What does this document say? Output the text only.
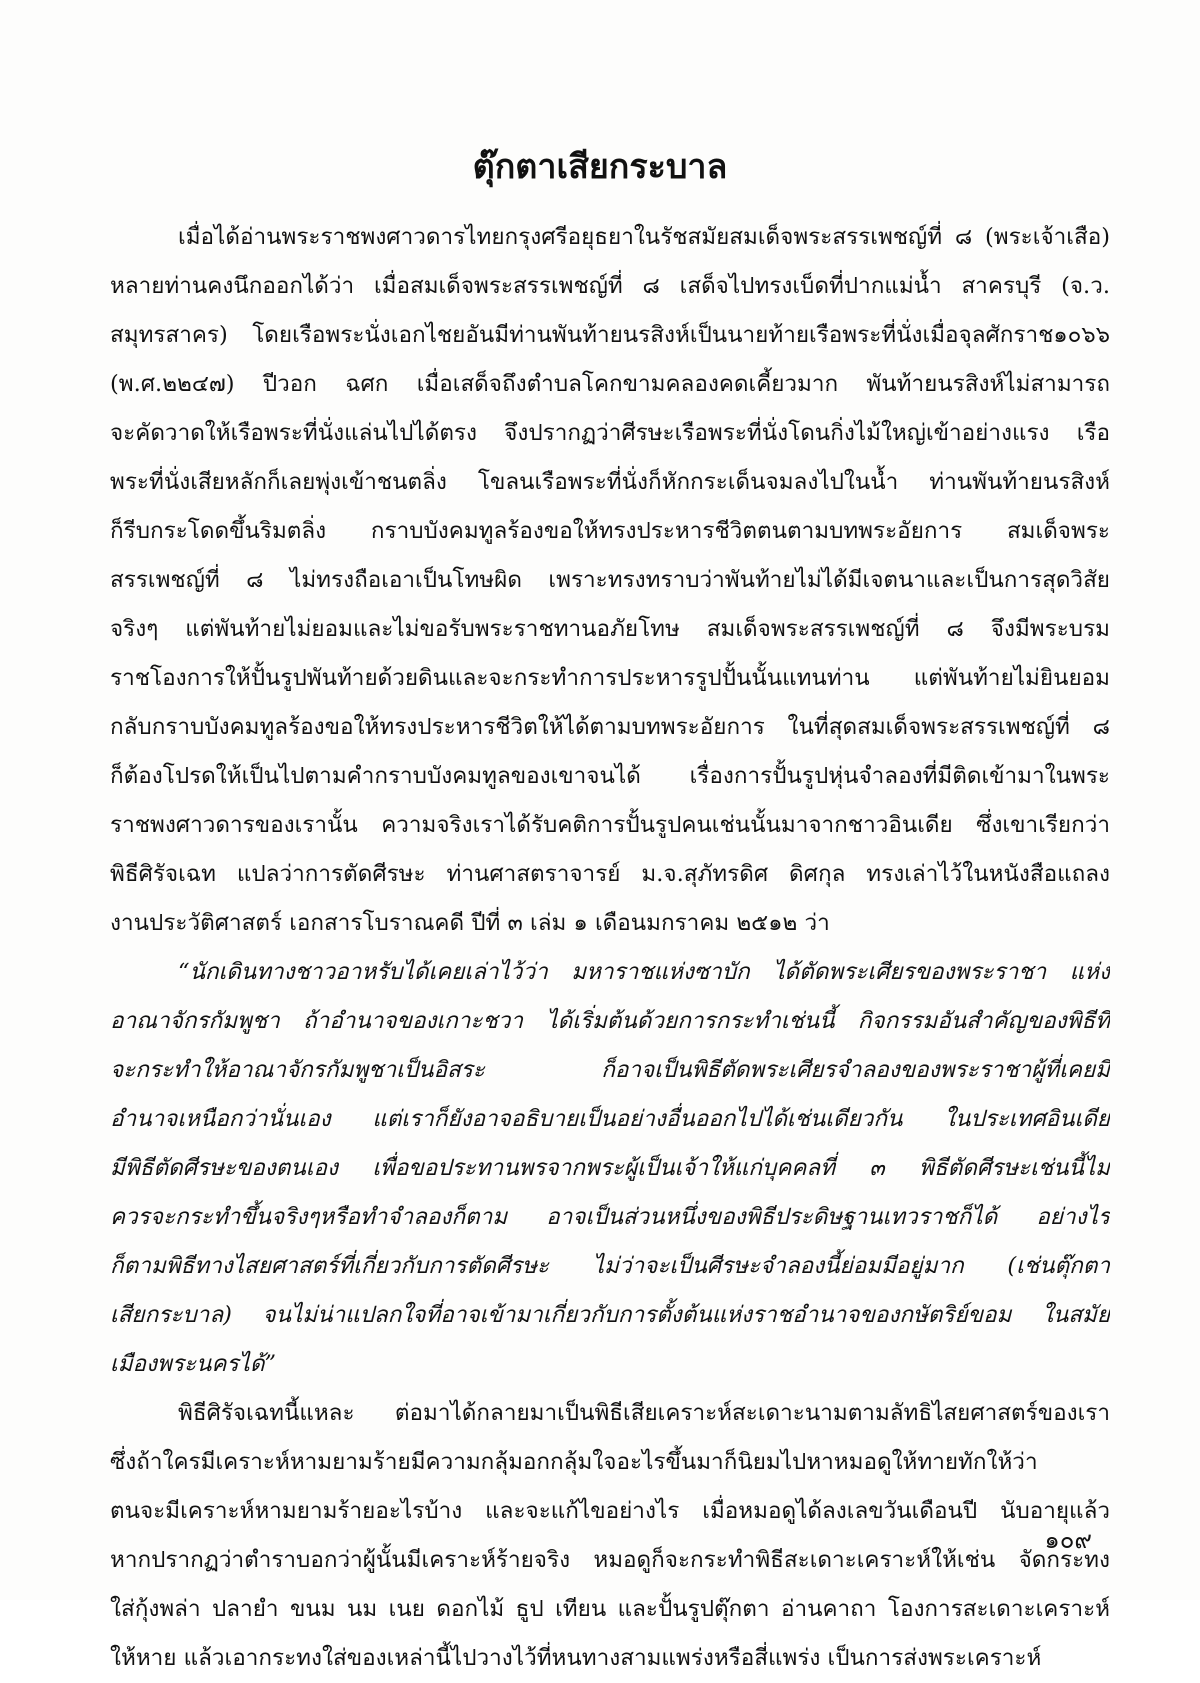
ตุ๊กตาเสียกระบาล
เมื่อได้อ่านพระราชพงศาวดารไทยกรุงศรีอยุธยาในรัชสมัยสมเด็จพระสรรเพชญ์ที่ ๘ (พระเจ้าเสือ)
หลายท่านคงนึกออกได้ว่า เมื่อสมเด็จพระสรรเพชญ์ที่ ๘ เสด็จไปทรงเบ็ดที่ปากแม่น้ำ สาครบุรี (จ.ว.
สมุทรสาคร) โดยเรือพระนั่งเอกไชยอันมีท่านพันท้ายนรสิงห์เป็นนายท้ายเรือพระที่นั่งเมื่อจุลศักราช๑๐๖๖
(พ.ศ.๒๒๔๗) ปีวอก ฉศก เมื่อเสด็จถึงตำบลโคกขามคลองคดเคี้ยวมาก พันท้ายนรสิงห์ไม่สามารถ
จะคัดวาดให้เรือพระที่นั่งแล่นไปได้ตรง จึงปรากฏว่าศีรษะเรือพระที่นั่งโดนกิ่งไม้ใหญ่เข้าอย่างแรง เรือ
พระที่นั่งเสียหลักก็เลยพุ่งเข้าชนตลิ่ง โขลนเรือพระที่นั่งก็หักกระเด็นจมลงไปในน้ำ ท่านพันท้ายนรสิงห์
ก็รีบกระโดดขึ้นริมตลิ่ง กราบบังคมทูลร้องขอให้ทรงประหารชีวิตตนตามบทพระอัยการ สมเด็จพระ
สรรเพชญ์ที่ ๘ ไม่ทรงถือเอาเป็นโทษผิด เพราะทรงทราบว่าพันท้ายไม่ได้มีเจตนาและเป็นการสุดวิสัย
จริงๆ แต่พันท้ายไม่ยอมและไม่ขอรับพระราชทานอภัยโทษ สมเด็จพระสรรเพชญ์ที่ ๘ จึงมีพระบรม
ราชโองการให้ปั้นรูปพันท้ายด้วยดินและจะกระทำการประหารรูปปั้นนั้นแทนท่าน แต่พันท้ายไม่ยินยอม
กลับกราบบังคมทูลร้องขอให้ทรงประหารชีวิตให้ได้ตามบทพระอัยการ ในที่สุดสมเด็จพระสรรเพชญ์ที่ ๘
ก็ต้องโปรดให้เป็นไปตามคำกราบบังคมทูลของเขาจนได้ เรื่องการปั้นรูปหุ่นจำลองที่มีติดเข้ามาในพระ
ราชพงศาวดารของเรานั้น ความจริงเราได้รับคติการปั้นรูปคนเช่นนั้นมาจากชาวอินเดีย ซึ่งเขาเรียกว่า
พิธีศิรัจเฉท แปลว่าการตัดศีรษะ ท่านศาสตราจารย์ ม.จ.สุภัทรดิศ ดิศกุล ทรงเล่าไว้ในหนังสือแถลง
งานประวัติศาสตร์ เอกสารโบราณคดี ปีที่ ๓ เล่ม ๑ เดือนมกราคม ๒๕๑๒ ว่า
“นักเดินทางชาวอาหรับได้เคยเล่าไว้ว่า มหาราชแห่งซาบัก ได้ตัดพระเศียรของพระราชา แห่ง
อาณาจักรกัมพูชา ถ้าอำนาจของเกาะชวา ได้เริ่มต้นด้วยการกระทำเช่นนี้ กิจกรรมอันสำคัญของพิธีที่
จะกระทำให้อาณาจักรกัมพูชาเป็นอิสระ ก็อาจเป็นพิธีตัดพระเศียรจำลองของพระราชาผู้ที่เคยมี
อำนาจเหนือกว่านั่นเอง แต่เราก็ยังอาจอธิบายเป็นอย่างอื่นออกไปได้เช่นเดียวกัน ในประเทศอินเดีย
มีพิธีตัดศีรษะของตนเอง เพื่อขอประทานพรจากพระผู้เป็นเจ้าให้แก่บุคคลที่ ๓ พิธีตัดศีรษะเช่นนี้ไม่
ควรจะกระทำขึ้นจริงๆหรือทำจำลองก็ตาม อาจเป็นส่วนหนึ่งของพิธีประดิษฐานเทวราชก็ได้ อย่างไร
ก็ตามพิธีทางไสยศาสตร์ที่เกี่ยวกับการตัดศีรษะ ไม่ว่าจะเป็นศีรษะจำลองนี้ย่อมมีอยู่มาก (เช่นตุ๊กตา
เสียกระบาล) จนไม่น่าแปลกใจที่อาจเข้ามาเกี่ยวกับการตั้งต้นแห่งราชอำนาจของกษัตริย์ขอม ในสมัย
เมืองพระนครได้”
พิธีศิรัจเฉทนี้แหละ ต่อมาได้กลายมาเป็นพิธีเสียเคราะห์สะเดาะนามตามลัทธิไสยศาสตร์ของเรา
ซึ่งถ้าใครมีเคราะห์หามยามร้ายมีความกลุ้มอกกลุ้มใจอะไรขึ้นมาก็นิยมไปหาหมอดูให้ทายทักให้ว่า
ตนจะมีเคราะห์หามยามร้ายอะไรบ้าง และจะแก้ไขอย่างไร เมื่อหมอดูได้ลงเลขวันเดือนปี นับอายุแล้ว
หากปรากฏว่าตำราบอกว่าผู้นั้นมีเคราะห์ร้ายจริง หมอดูก็จะกระทำพิธีสะเดาะเคราะห์ให้เช่น จัดกระทง
ใส่กุ้งพล่า ปลายำ ขนม นม เนย ดอกไม้ ธูป เทียน และปั้นรูปตุ๊กตา อ่านคาถา โองการสะเดาะเคราะห์
ให้หาย แล้วเอากระทงใส่ของเหล่านี้ไปวางไว้ที่หนทางสามแพร่งหรือสี่แพร่ง เป็นการส่งพระเคราะห์
๑๐๙
